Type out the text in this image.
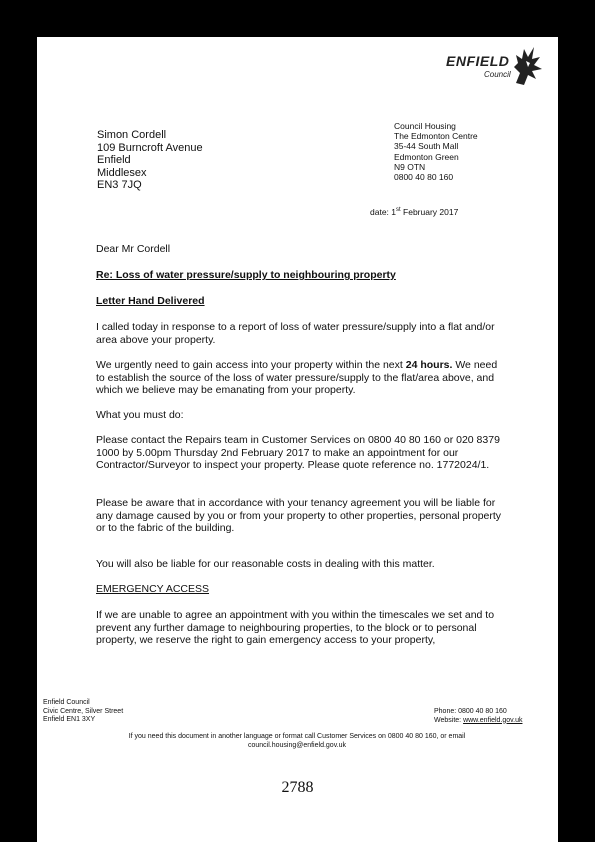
ENFIELD
Council
Simon Cordell
109 Burncroft Avenue
Enfield
Middlesex
EN3 7JQ
Council Housing
The Edmonton Centre
35-44 South Mall
Edmonton Green
N9 OTN
0800 40 80 160
date: 1st February 2017
Dear Mr Cordell
Re: Loss of water pressure/supply to neighbouring property
Letter Hand Delivered
I called today in response to a report of loss of water pressure/supply into a flat and/or area above your property.
We urgently need to gain access into your property within the next 24 hours. We need to establish the source of the loss of water pressure/supply to the flat/area above, and which we believe may be emanating from your property.
What you must do:
Please contact the Repairs team in Customer Services on 0800 40 80 160 or 020 8379 1000 by 5.00pm Thursday 2nd February 2017 to make an appointment for our Contractor/Surveyor to inspect your property. Please quote reference no. 1772024/1.
Please be aware that in accordance with your tenancy agreement you will be liable for any damage caused by you or from your property to other properties, personal property or to the fabric of the building.
You will also be liable for our reasonable costs in dealing with this matter.
EMERGENCY ACCESS
If we are unable to agree an appointment with you within the timescales we set and to prevent any further damage to neighbouring properties, to the block or to personal property, we reserve the right to gain emergency access to your property,
Enfield Council
Civic Centre, Silver Street
Enfield EN1 3XY
Phone: 0800 40 80 160
Website: www.enfield.gov.uk
If you need this document in another language or format call Customer Services on 0800 40 80 160, or email
council.housing@enfield.gov.uk
2788
